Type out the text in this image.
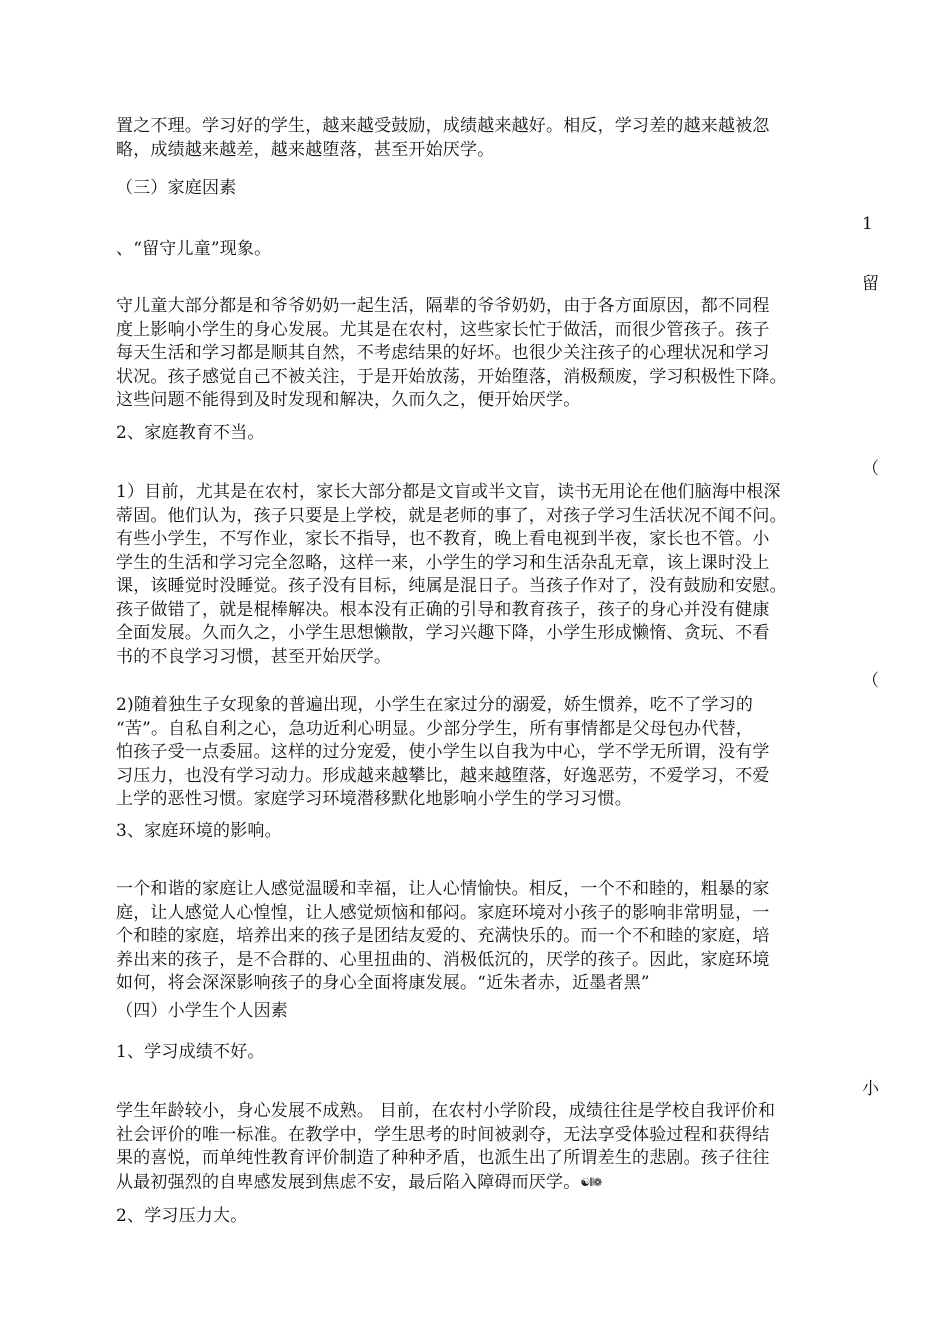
置之不理。学习好的学生，越来越受鼓励，成绩越来越好。相反，学习差的越来越被忽
略，成绩越来越差，越来越堕落，甚至开始厌学。

（三）家庭因素

1

、“留守儿童”现象。

留

守儿童大部分都是和爷爷奶奶一起生活，隔辈的爷爷奶奶，由于各方面原因，都不同程
度上影响小学生的身心发展。尤其是在农村，这些家长忙于做活，而很少管孩子。孩子
每天生活和学习都是顺其自然，不考虑结果的好坏。也很少关注孩子的心理状况和学习
状况。孩子感觉自己不被关注，于是开始放荡，开始堕落，消极颓废，学习积极性下降。
这些问题不能得到及时发现和解决，久而久之，便开始厌学。

2、家庭教育不当。

（

1）目前，尤其是在农村，家长大部分都是文盲或半文盲，读书无用论在他们脑海中根深
蒂固。他们认为，孩子只要是上学校，就是老师的事了，对孩子学习生活状况不闻不问。
有些小学生，不写作业，家长不指导，也不教育，晚上看电视到半夜，家长也不管。小
学生的生活和学习完全忽略，这样一来，小学生的学习和生活杂乱无章，该上课时没上
课，该睡觉时没睡觉。孩子没有目标，纯属是混日子。当孩子作对了，没有鼓励和安慰。
孩子做错了，就是棍棒解决。根本没有正确的引导和教育孩子，孩子的身心并没有健康
全面发展。久而久之，小学生思想懒散，学习兴趣下降，小学生形成懒惰、贪玩、不看
书的不良学习习惯，甚至开始厌学。

（

2)随着独生子女现象的普遍出现，小学生在家过分的溺爱，娇生惯养，吃不了学习的
“苦”。自私自利之心，急功近利心明显。少部分学生，所有事情都是父母包办代替，
怕孩子受一点委屈。这样的过分宠爱，使小学生以自我为中心，学不学无所谓，没有学
习压力，也没有学习动力。形成越来越攀比，越来越堕落，好逸恶劳，不爱学习，不爱
上学的恶性习惯。家庭学习环境潜移默化地影响小学生的学习习惯。

3、家庭环境的影响。

一个和谐的家庭让人感觉温暖和幸福，让人心情愉快。相反，一个不和睦的，粗暴的家
庭，让人感觉人心惶惶，让人感觉烦恼和郁闷。家庭环境对小孩子的影响非常明显，一
个和睦的家庭，培养出来的孩子是团结友爱的、充满快乐的。而一个不和睦的家庭，培
养出来的孩子，是不合群的、心里扭曲的、消极低沉的，厌学的孩子。因此，家庭环境
如何，将会深深影响孩子的身心全面将康发展。“近朱者赤，近墨者黑”

（四）小学生个人因素

1、学习成绩不好。

小
学生年龄较小，身心发展不成熟。 目前，在农村小学阶段，成绩往往是学校自我评价和
社会评价的唯一标准。在教学中，学生思考的时间被剥夺，无法享受体验过程和获得结
果的喜悦，而单纯性教育评价制造了种种矛盾，也派生出了所谓差生的悲剧。孩子往往
从最初强烈的自卑感发展到焦虑不安，最后陷入障碍而厌学。☯⦀❁

2、学习压力大。
